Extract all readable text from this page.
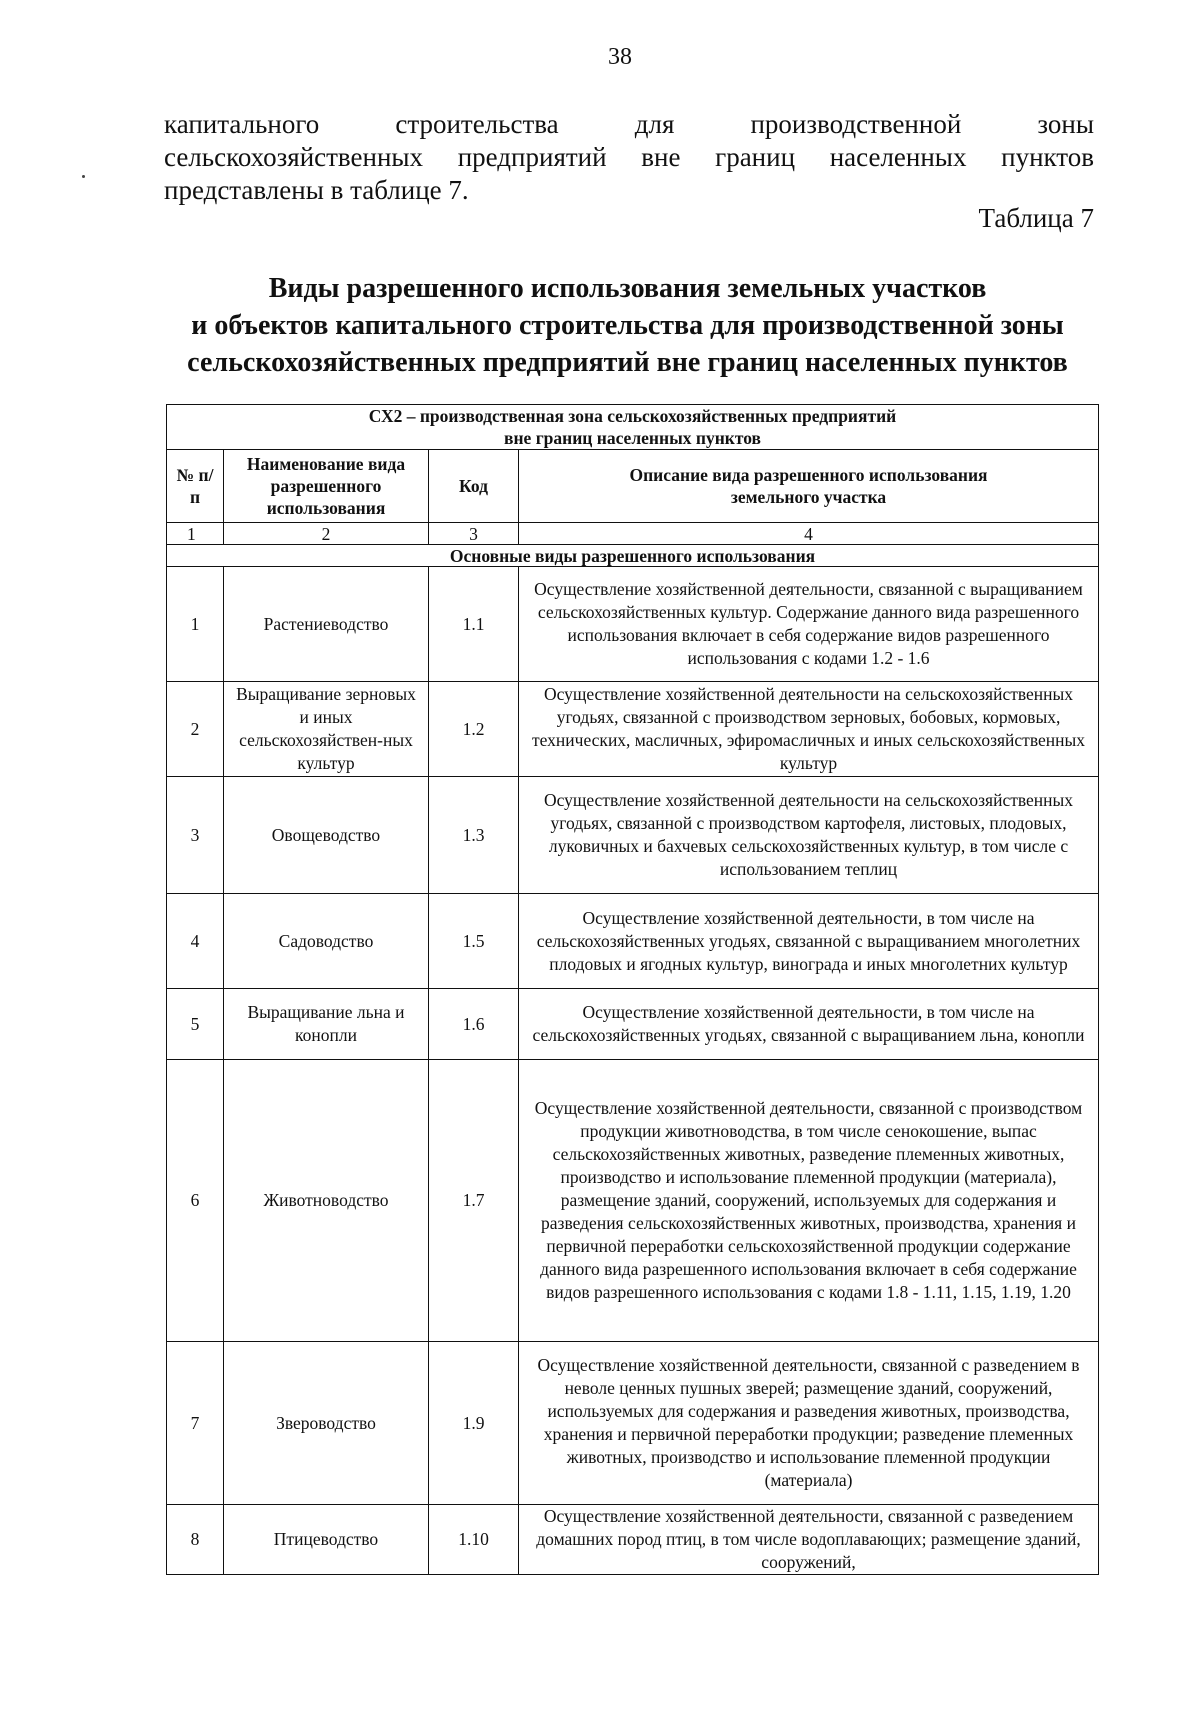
38
капитального строительства для производственной зоны
сельскохозяйственных предприятий вне границ населенных пунктов
представлены в таблице 7.
Таблица 7
Виды разрешенного использования земельных участков
и объектов капитального строительства для производственной зоны
сельскохозяйственных предприятий вне границ населенных пунктов
СХ2 – производственная зона сельскохозяйственных предприятий
вне границ населенных пунктов			

№ п/п	Наименование вида разрешенного использования	Код	Описание вида разрешенного использования земельного участка
1	2	3	4
Основные виды разрешенного использования			
1	Растениеводство	1.1	Осуществление хозяйственной деятельности, связанной с выращиванием сельскохозяйственных культур. Содержание данного вида разрешенного использования включает в себя содержание видов разрешенного использования с кодами 1.2 - 1.6
2	Выращивание зерновых и иных сельскохозяйствен-ных культур	1.2	Осуществление хозяйственной деятельности на сельскохозяйственных угодьях, связанной с производством зерновых, бобовых, кормовых, технических, масличных, эфиромасличных и иных сельскохозяйственных культур
3	Овощеводство	1.3	Осуществление хозяйственной деятельности на сельскохозяйственных угодьях, связанной с производством картофеля, листовых, плодовых, луковичных и бахчевых сельскохозяйственных культур, в том числе с использованием теплиц
4	Садоводство	1.5	Осуществление хозяйственной деятельности, в том числе на сельскохозяйственных угодьях, связанной с выращиванием многолетних плодовых и ягодных культур, винограда и иных многолетних культур
5	Выращивание льна и конопли	1.6	Осуществление хозяйственной деятельности, в том числе на сельскохозяйственных угодьях, связанной с выращиванием льна, конопли
6	Животноводство	1.7	Осуществление хозяйственной деятельности, связанной с производством продукции животноводства, в том числе сенокошение, выпас сельскохозяйственных животных, разведение племенных животных, производство и использование племенной продукции (материала), размещение зданий, сооружений, используемых для содержания и разведения сельскохозяйственных животных, производства, хранения и первичной переработки сельскохозяйственной продукции содержание данного вида разрешенного использования включает в себя содержание видов разрешенного использования с кодами 1.8 - 1.11, 1.15, 1.19, 1.20
7	Звероводство	1.9	Осуществление хозяйственной деятельности, связанной с разведением в неволе ценных пушных зверей; размещение зданий, сооружений, используемых для содержания и разведения животных, производства, хранения и первичной переработки продукции; разведение племенных животных, производство и использование племенной продукции (материала)
8	Птицеводство	1.10	Осуществление хозяйственной деятельности, связанной с разведением домашних пород птиц, в том числе водоплавающих; размещение зданий, сооружений,
